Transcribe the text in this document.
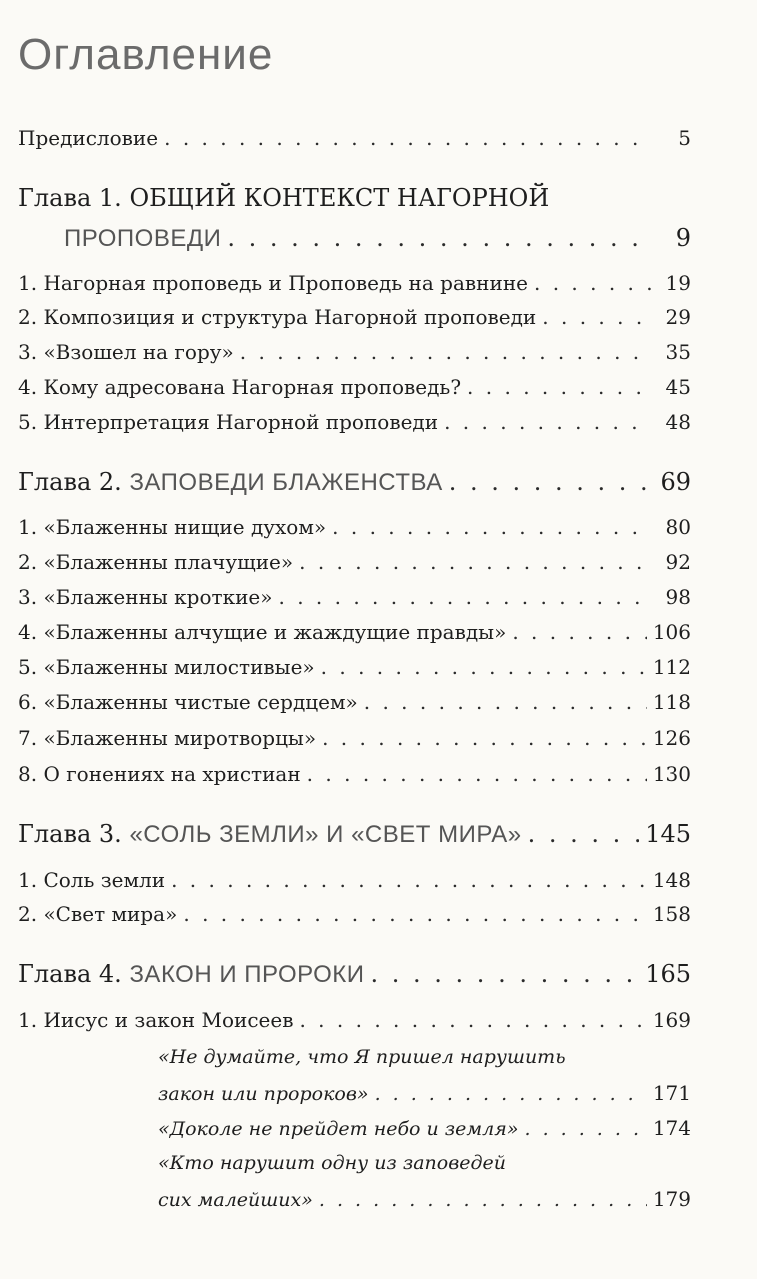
Оглавление
Предисловие . . .	5
Глава 1. ОБЩИЙ КОНТЕКСТ НАГОРНОЙ
ПРОПОВЕДИ . . .	9
1. Нагорная проповедь и Проповедь на равнине . . .	19
2. Композиция и структура Нагорной проповеди . . .	29
3. «Взошел на гору» . . .	35
4. Кому адресована Нагорная проповедь? . . .	45
5. Интерпретация Нагорной проповеди . . .	48
Глава 2. ЗАПОВЕДИ БЛАЖЕНСТВА . . .	69
1. «Блаженны нищие духом» . . .	80
2. «Блаженны плачущие» . . .	92
3. «Блаженны кроткие» . . .	98
4. «Блаженны алчущие и жаждущие правды» . . .	106
5. «Блаженны милостивые» . . .	112
6. «Блаженны чистые сердцем» . . .	118
7. «Блаженны миротворцы» . . .	126
8. О гонениях на христиан . . .	130
Глава 3. «СОЛЬ ЗЕМЛИ» И «СВЕТ МИРА» . . .	145
1. Соль земли . . .	148
2. «Свет мира» . . .	158
Глава 4. ЗАКОН И ПРОРОКИ . . .	165
1. Иисус и закон Моисеев . . .	169
«Не думайте, что Я пришел нарушить
закон или пророков» . . .	171
«Доколе не прейдет небо и земля» . . .	174
«Кто нарушит одну из заповедей
сих малейших» . . .	179
